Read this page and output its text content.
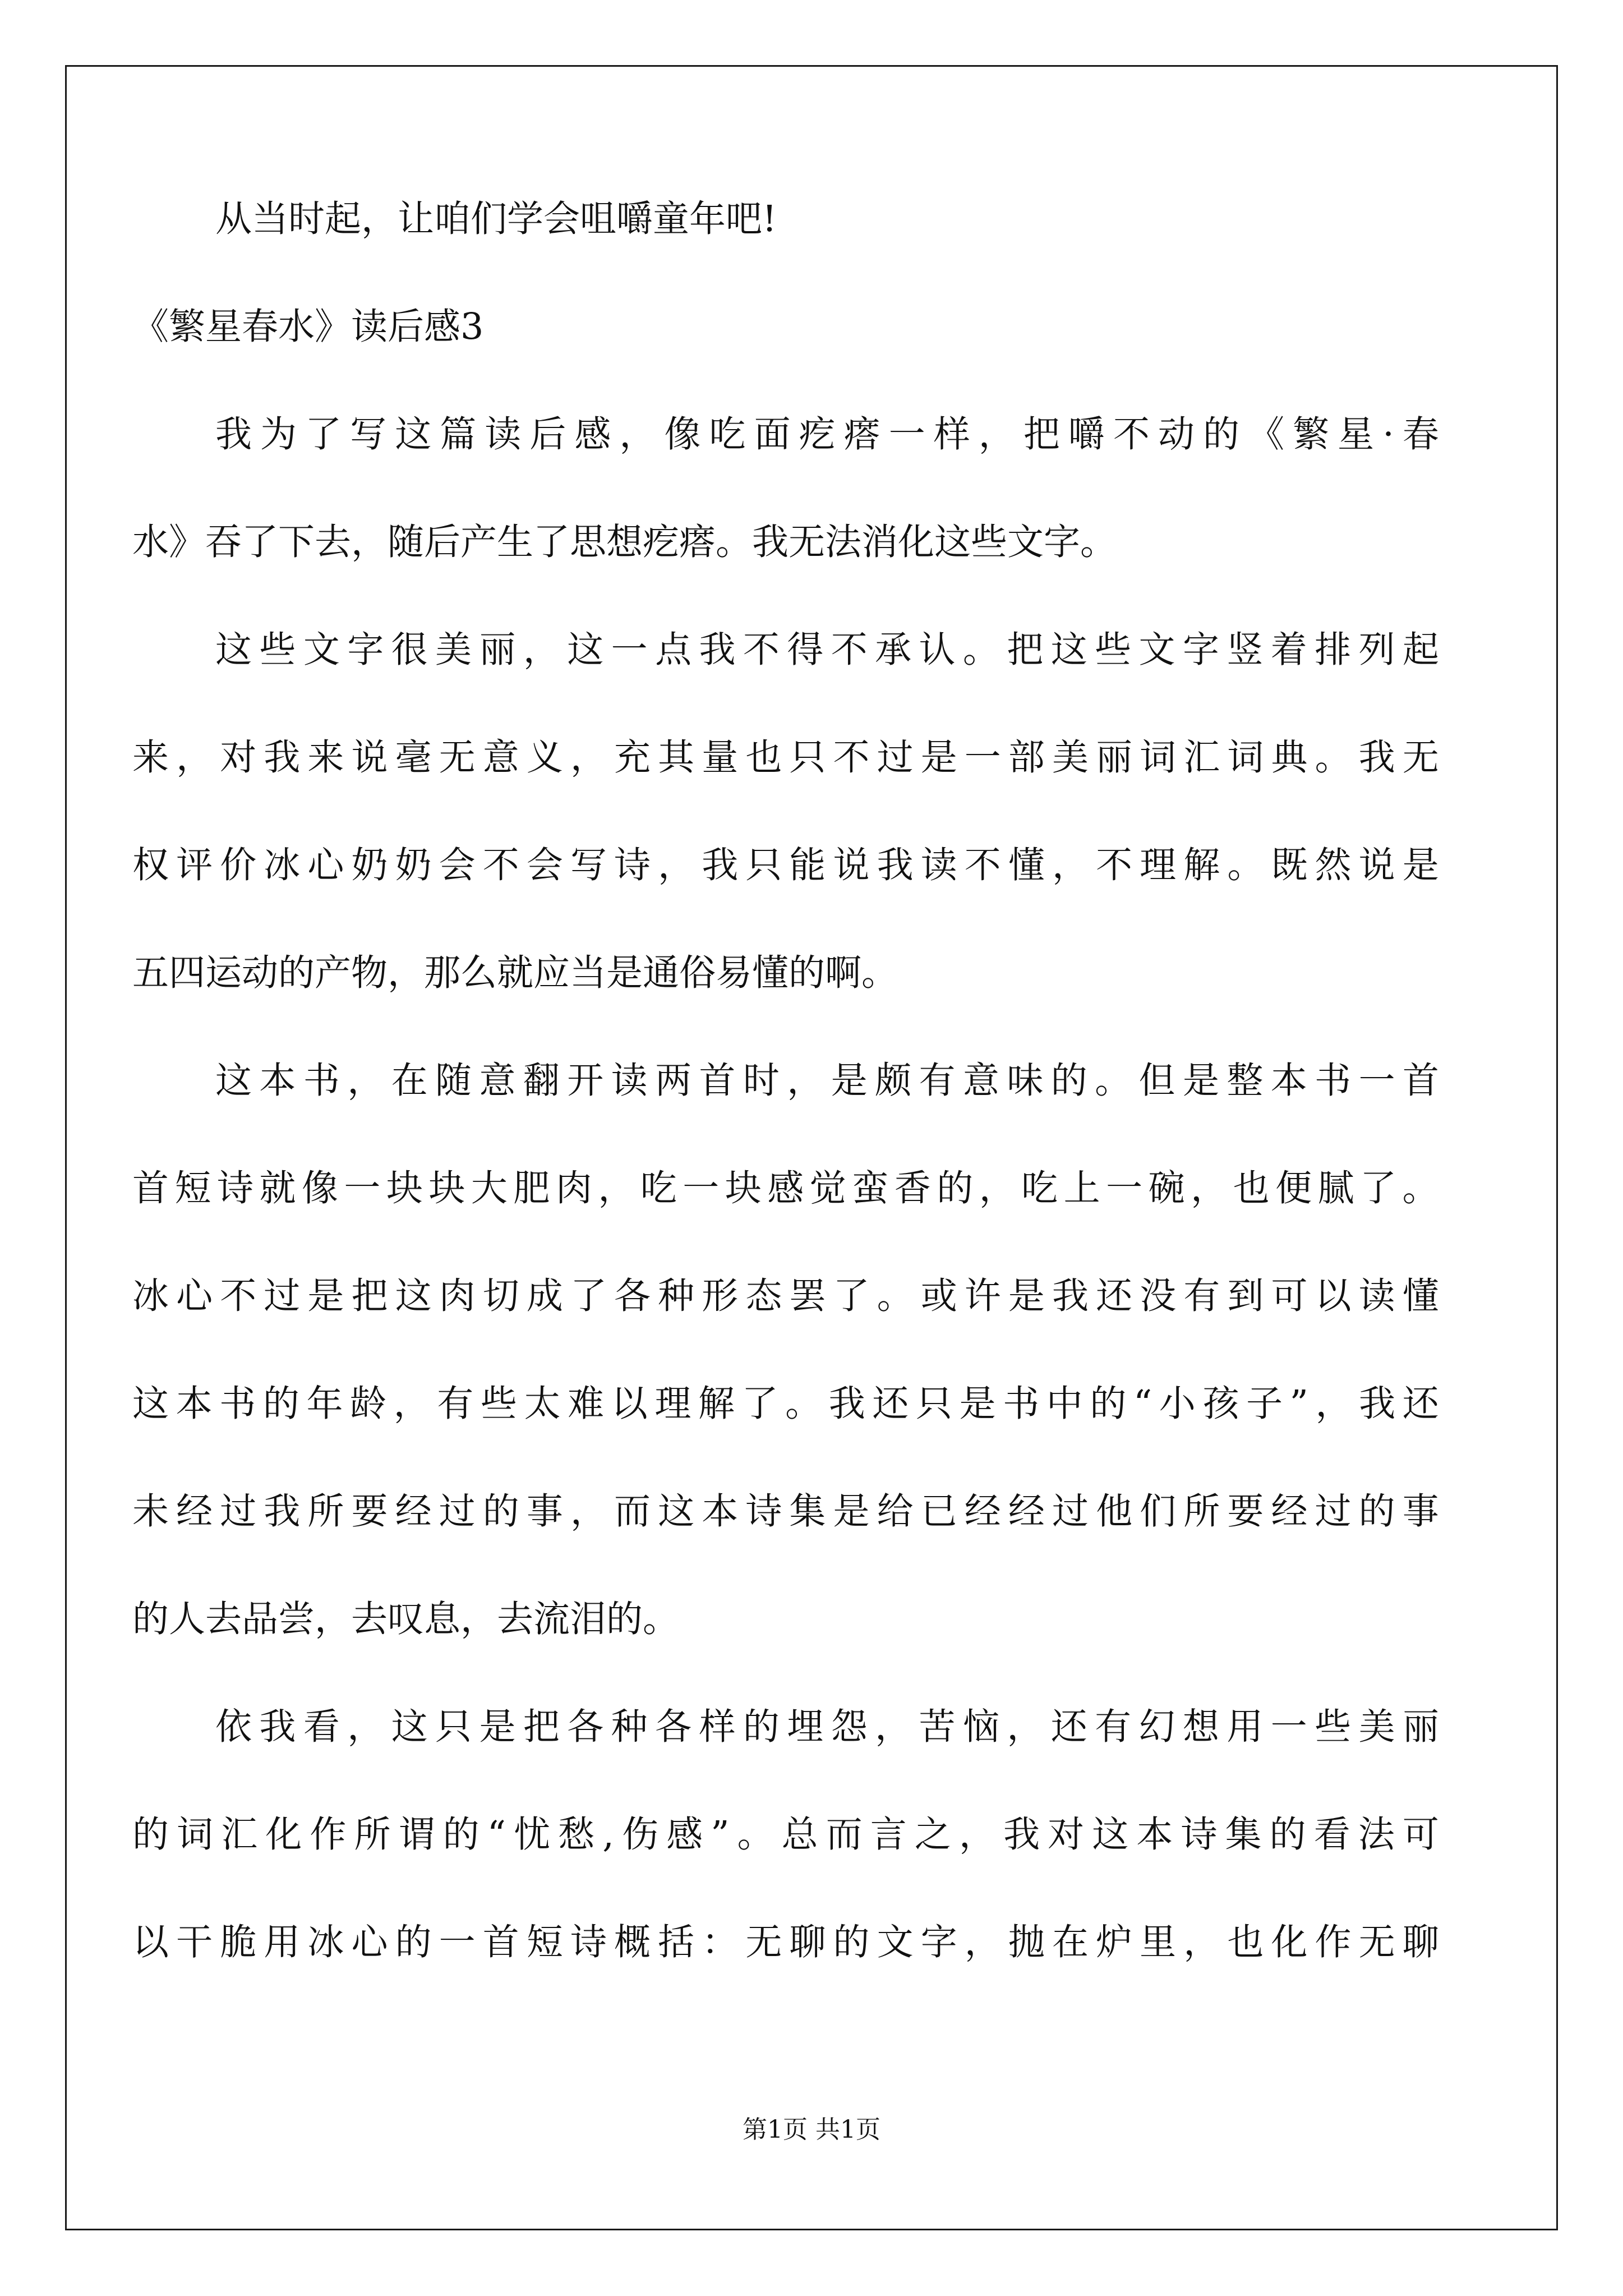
从当时起，让咱们学会咀嚼童年吧!
《繁星春水》读后感3
我 为 了 写 这 篇 读 后 感 ， 像 吃 面 疙 瘩 一 样 ， 把 嚼 不 动 的 《 繁 星 · 春
水》吞了下去，随后产生了思想疙瘩。我无法消化这些文字。
这 些 文 字 很 美 丽 ， 这 一 点 我 不 得 不 承 认 。 把 这 些 文 字 竖 着 排 列 起
来 ， 对 我 来 说 毫 无 意 义 ， 充 其 量 也 只 不 过 是 一 部 美 丽 词 汇 词 典 。 我 无
权 评 价 冰 心 奶 奶 会 不 会 写 诗 ， 我 只 能 说 我 读 不 懂 ， 不 理 解 。 既 然 说 是
五四运动的产物，那么就应当是通俗易懂的啊。
这 本 书 ， 在 随 意 翻 开 读 两 首 时 ， 是 颇 有 意 味 的 。 但 是 整 本 书 一 首
首 短 诗 就 像 一 块 块 大 肥 肉 ， 吃 一 块 感 觉 蛮 香 的 ， 吃 上 一 碗 ， 也 便 腻 了 。
冰 心 不 过 是 把 这 肉 切 成 了 各 种 形 态 罢 了 。 或 许 是 我 还 没 有 到 可 以 读 懂
这 本 书 的 年 龄 ， 有 些 太 难 以 理 解 了 。 我 还 只 是 书 中 的 “ 小 孩 子 ” ， 我 还
未 经 过 我 所 要 经 过 的 事 ， 而 这 本 诗 集 是 给 已 经 经 过 他 们 所 要 经 过 的 事
的人去品尝，去叹息，去流泪的。
依 我 看 ， 这 只 是 把 各 种 各 样 的 埋 怨 ， 苦 恼 ， 还 有 幻 想 用 一 些 美 丽
的 词 汇 化 作 所 谓 的 “ 忧 愁 , 伤 感 ” 。 总 而 言 之 ， 我 对 这 本 诗 集 的 看 法 可
以 干 脆 用 冰 心 的 一 首 短 诗 概 括 ： 无 聊 的 文 字 ， 抛 在 炉 里 ， 也 化 作 无 聊
第1页 共1页
